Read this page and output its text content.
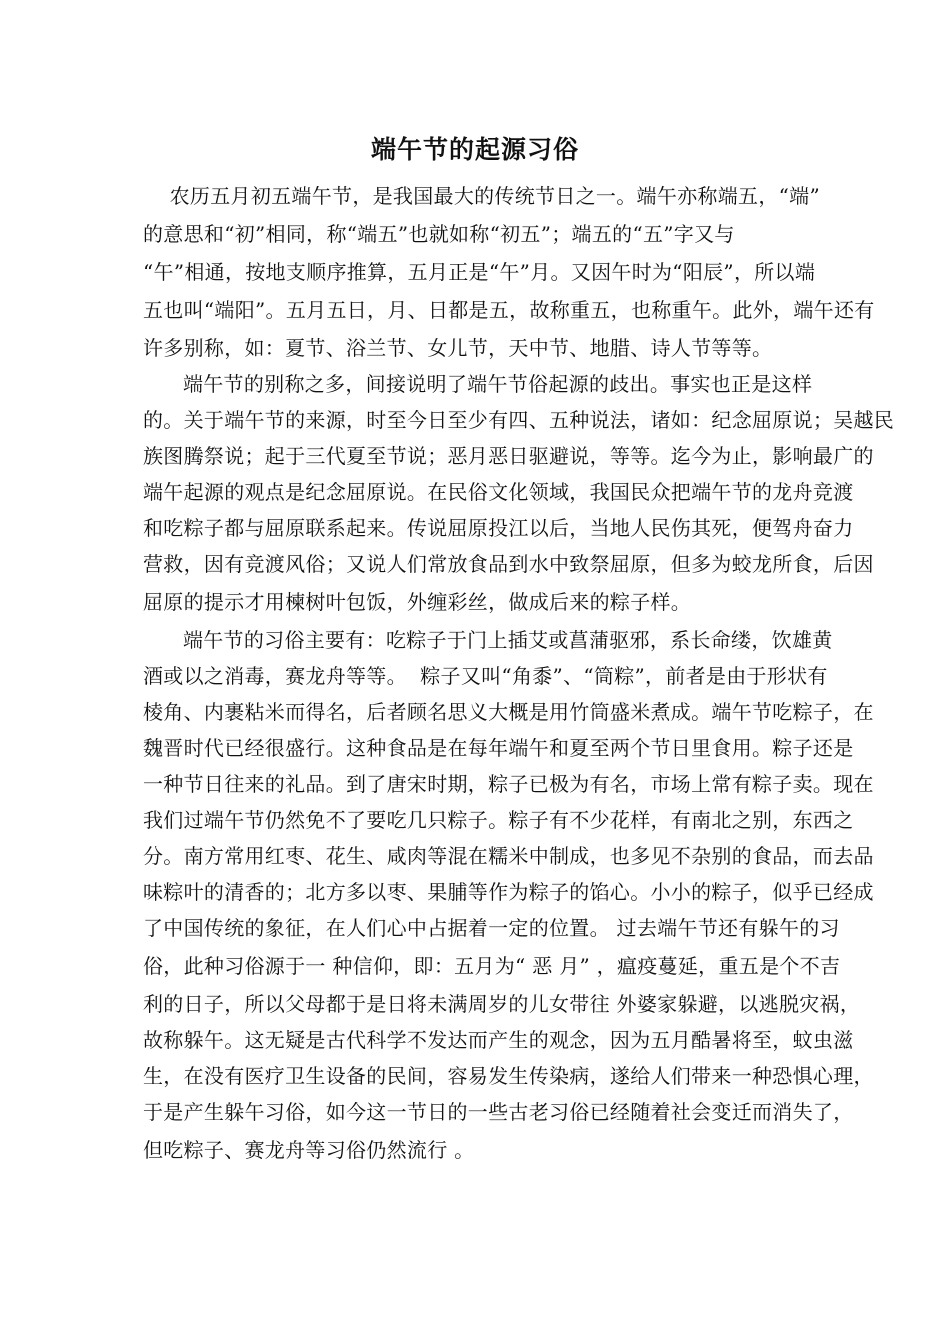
端午节的起源习俗

农历五月初五端午节，是我国最大的传统节日之一。端午亦称端五，“端”

的意思和“初”相同，称“端五”也就如称“初五”；端五的“五”字又与

“午”相通，按地支顺序推算，五月正是“午”月。又因午时为“阳辰”，所以端

五也叫“端阳”。五月五日，月、日都是五，故称重五，也称重午。此外，端午还有

许多别称，如：夏节、浴兰节、女儿节，天中节、地腊、诗人节等等。

端午节的别称之多，间接说明了端午节俗起源的歧出。事实也正是这样

的。关于端午节的来源，时至今日至少有四、五种说法，诸如：纪念屈原说；吴越民

族图腾祭说；起于三代夏至节说；恶月恶日驱避说，等等。迄今为止，影响最广的

端午起源的观点是纪念屈原说。在民俗文化领域，我国民众把端午节的龙舟竞渡

和吃粽子都与屈原联系起来。传说屈原投江以后，当地人民伤其死，便驾舟奋力

营救，因有竞渡风俗；又说人们常放食品到水中致祭屈原，但多为蛟龙所食，后因

屈原的提示才用楝树叶包饭，外缠彩丝，做成后来的粽子样。

端午节的习俗主要有：吃粽子于门上插艾或菖蒲驱邪，系长命缕，饮雄黄

酒或以之消毒，赛龙舟等等。  粽子又叫“角黍”、“筒粽”，前者是由于形状有

棱角、内裹粘米而得名，后者顾名思义大概是用竹筒盛米煮成。端午节吃粽子，在

魏晋时代已经很盛行。这种食品是在每年端午和夏至两个节日里食用。粽子还是

一种节日往来的礼品。到了唐宋时期，粽子已极为有名，市场上常有粽子卖。现在

我们过端午节仍然免不了要吃几只粽子。粽子有不少花样，有南北之别，东西之

分。南方常用红枣、花生、咸肉等混在糯米中制成，也多见不杂别的食品，而去品

味粽叶的清香的；北方多以枣、果脯等作为粽子的馅心。小小的粽子，似乎已经成

了中国传统的象征，在人们心中占据着一定的位置。 过去端午节还有躲午的习

俗，此种习俗源于一 种信仰，即：五月为“ 恶 月” ，瘟疫蔓延，重五是个不吉

利的日子，所以父母都于是日将未满周岁的儿女带往 外婆家躲避，以逃脱灾祸，

故称躲午。这无疑是古代科学不发达而产生的观念，因为五月酷暑将至，蚊虫滋

生，在没有医疗卫生设备的民间，容易发生传染病，遂给人们带来一种恐惧心理，

于是产生躲午习俗，如今这一节日的一些古老习俗已经随着社会变迁而消失了，

但吃粽子、赛龙舟等习俗仍然流行 。
